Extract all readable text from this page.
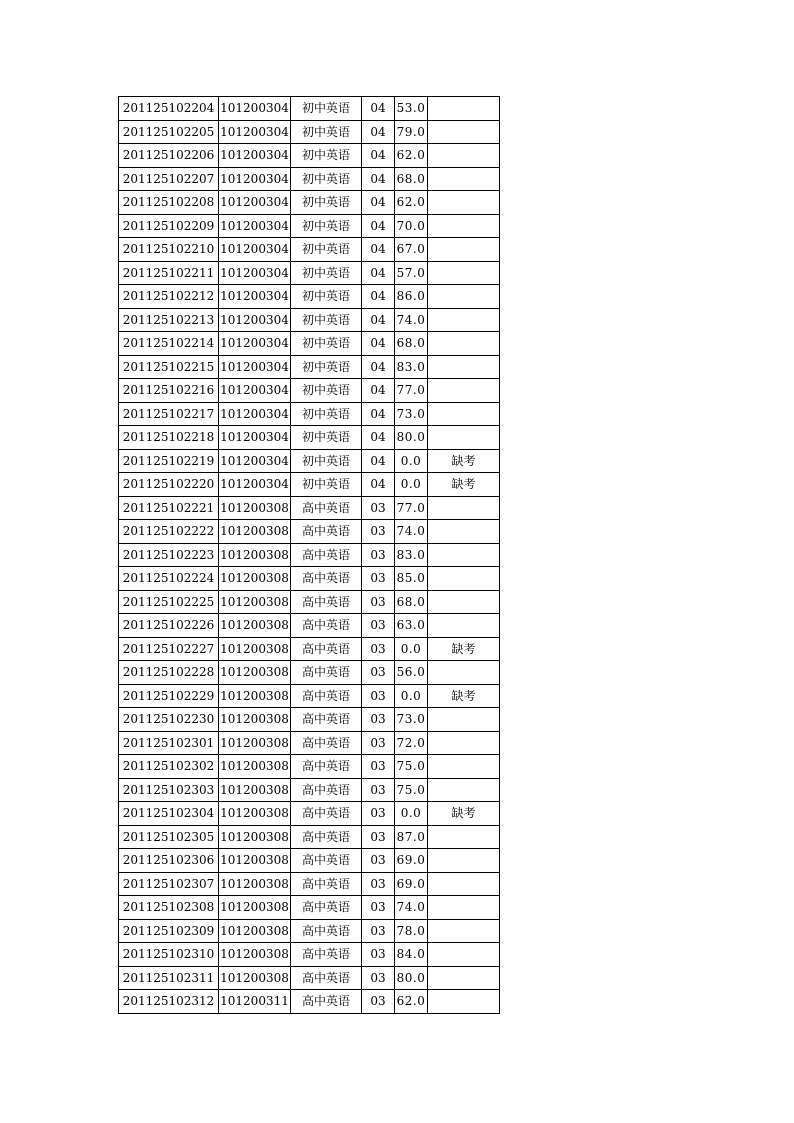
201125102204	101200304	初中英语	04	53.0	
201125102205	101200304	初中英语	04	79.0	
201125102206	101200304	初中英语	04	62.0	
201125102207	101200304	初中英语	04	68.0	
201125102208	101200304	初中英语	04	62.0	
201125102209	101200304	初中英语	04	70.0	
201125102210	101200304	初中英语	04	67.0	
201125102211	101200304	初中英语	04	57.0	
201125102212	101200304	初中英语	04	86.0	
201125102213	101200304	初中英语	04	74.0	
201125102214	101200304	初中英语	04	68.0	
201125102215	101200304	初中英语	04	83.0	
201125102216	101200304	初中英语	04	77.0	
201125102217	101200304	初中英语	04	73.0	
201125102218	101200304	初中英语	04	80.0	
201125102219	101200304	初中英语	04	0.0	缺考
201125102220	101200304	初中英语	04	0.0	缺考
201125102221	101200308	高中英语	03	77.0	
201125102222	101200308	高中英语	03	74.0	
201125102223	101200308	高中英语	03	83.0	
201125102224	101200308	高中英语	03	85.0	
201125102225	101200308	高中英语	03	68.0	
201125102226	101200308	高中英语	03	63.0	
201125102227	101200308	高中英语	03	0.0	缺考
201125102228	101200308	高中英语	03	56.0	
201125102229	101200308	高中英语	03	0.0	缺考
201125102230	101200308	高中英语	03	73.0	
201125102301	101200308	高中英语	03	72.0	
201125102302	101200308	高中英语	03	75.0	
201125102303	101200308	高中英语	03	75.0	
201125102304	101200308	高中英语	03	0.0	缺考
201125102305	101200308	高中英语	03	87.0	
201125102306	101200308	高中英语	03	69.0	
201125102307	101200308	高中英语	03	69.0	
201125102308	101200308	高中英语	03	74.0	
201125102309	101200308	高中英语	03	78.0	
201125102310	101200308	高中英语	03	84.0	
201125102311	101200308	高中英语	03	80.0	
201125102312	101200311	高中英语	03	62.0	
